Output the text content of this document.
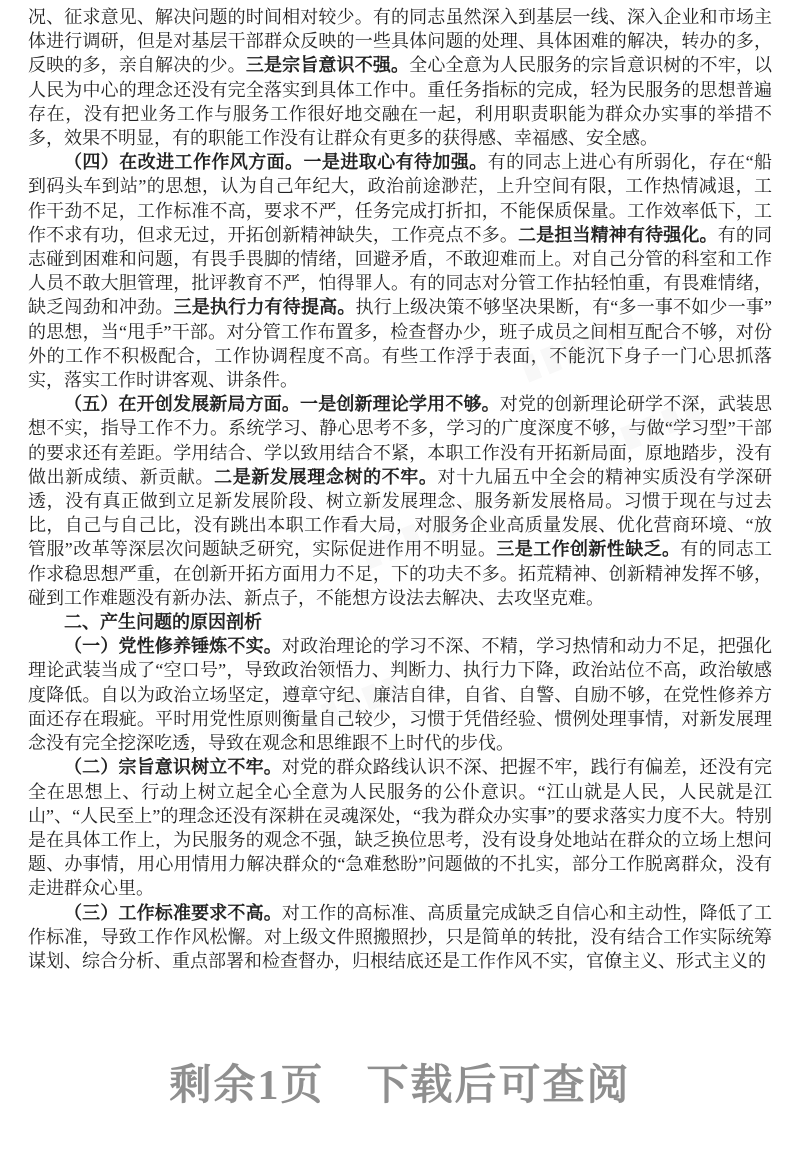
况、征求意见、解决问题的时间相对较少。有的同志虽然深入到基层一线、深入企业和市场主体进行调研，但是对基层干部群众反映的一些具体问题的处理、具体困难的解决，转办的多，反映的多，亲自解决的少。三是宗旨意识不强。全心全意为人民服务的宗旨意识树的不牢，以人民为中心的理念还没有完全落实到具体工作中。重任务指标的完成，轻为民服务的思想普遍存在，没有把业务工作与服务工作很好地交融在一起，利用职责职能为群众办实事的举措不多，效果不明显，有的职能工作没有让群众有更多的获得感、幸福感、安全感。

（四）在改进工作作风方面。一是进取心有待加强。有的同志上进心有所弱化，存在“船到码头车到站”的思想，认为自己年纪大，政治前途渺茫，上升空间有限，工作热情减退，工作干劲不足，工作标准不高，要求不严，任务完成打折扣，不能保质保量。工作效率低下，工作不求有功，但求无过，开拓创新精神缺失，工作亮点不多。二是担当精神有待强化。有的同志碰到困难和问题，有畏手畏脚的情绪，回避矛盾，不敢迎难而上。对自己分管的科室和工作人员不敢大胆管理，批评教育不严，怕得罪人。有的同志对分管工作拈轻怕重，有畏难情绪，缺乏闯劲和冲劲。三是执行力有待提高。执行上级决策不够坚决果断，有“多一事不如少一事”的思想，当“甩手”干部。对分管工作布置多，检查督办少，班子成员之间相互配合不够，对份外的工作不积极配合，工作协调程度不高。有些工作浮于表面，不能沉下身子一门心思抓落实，落实工作时讲客观、讲条件。

（五）在开创发展新局方面。一是创新理论学用不够。对党的创新理论研学不深，武装思想不实，指导工作不力。系统学习、静心思考不多，学习的广度深度不够，与做“学习型”干部的要求还有差距。学用结合、学以致用结合不紧，本职工作没有开拓新局面，原地踏步，没有做出新成绩、新贡献。二是新发展理念树的不牢。对十九届五中全会的精神实质没有学深研透，没有真正做到立足新发展阶段、树立新发展理念、服务新发展格局。习惯于现在与过去比，自己与自己比，没有跳出本职工作看大局，对服务企业高质量发展、优化营商环境、“放管服”改革等深层次问题缺乏研究，实际促进作用不明显。三是工作创新性缺乏。有的同志工作求稳思想严重，在创新开拓方面用力不足，下的功夫不多。拓荒精神、创新精神发挥不够，碰到工作难题没有新办法、新点子，不能想方设法去解决、去攻坚克难。

二、产生问题的原因剖析

（一）党性修养锤炼不实。对政治理论的学习不深、不精，学习热情和动力不足，把强化理论武装当成了“空口号”，导致政治领悟力、判断力、执行力下降，政治站位不高，政治敏感度降低。自以为政治立场坚定，遵章守纪、廉洁自律，自省、自警、自励不够，在党性修养方面还存在瑕疵。平时用党性原则衡量自己较少，习惯于凭借经验、惯例处理事情，对新发展理念没有完全挖深吃透，导致在观念和思维跟不上时代的步伐。

（二）宗旨意识树立不牢。对党的群众路线认识不深、把握不牢，践行有偏差，还没有完全在思想上、行动上树立起全心全意为人民服务的公仆意识。“江山就是人民，人民就是江山”、“人民至上”的理念还没有深耕在灵魂深处，“我为群众办实事”的要求落实力度不大。特别是在具体工作上，为民服务的观念不强，缺乏换位思考，没有设身处地站在群众的立场上想问题、办事情，用心用情用力解决群众的“急难愁盼”问题做的不扎实，部分工作脱离群众，没有走进群众心里。

（三）工作标准要求不高。对工作的高标准、高质量完成缺乏自信心和主动性，降低了工作标准，导致工作作风松懈。对上级文件照搬照抄，只是简单的转批，没有结合工作实际统筹谋划、综合分析、重点部署和检查督办，归根结底还是工作作风不实，官僚主义、形式主义的

剩余1页 下载后可查阅
